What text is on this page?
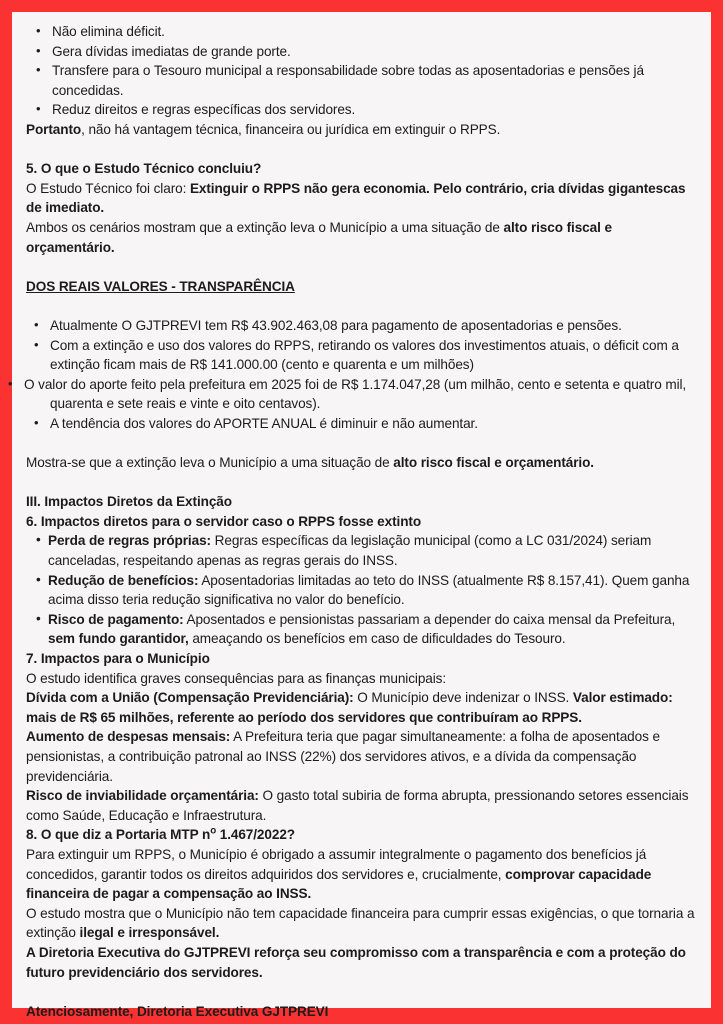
• Não elimina déficit.
• Gera dívidas imediatas de grande porte.
• Transfere para o Tesouro municipal a responsabilidade sobre todas as aposentadorias e pensões já concedidas.
• Reduz direitos e regras específicas dos servidores.

Portanto, não há vantagem técnica, financeira ou jurídica em extinguir o RPPS.

5. O que o Estudo Técnico concluiu?

O Estudo Técnico foi claro: Extinguir o RPPS não gera economia. Pelo contrário, cria dívidas gigantescas de imediato.

Ambos os cenários mostram que a extinção leva o Município a uma situação de alto risco fiscal e orçamentário.

DOS REAIS VALORES - TRANSPARÊNCIA

• Atualmente O GJTPREVI tem R$ 43.902.463,08 para pagamento de aposentadorias e pensões.
• Com a extinção e uso dos valores do RPPS, retirando os valores dos investimentos atuais, o déficit com a extinção ficam mais de R$ 141.000.00 (cento e quarenta e um milhões)
• O valor do aporte feito pela prefeitura em 2025 foi de R$ 1.174.047,28 (um milhão, cento e setenta e quatro mil, quarenta e sete reais e vinte e oito centavos).
• A tendência dos valores do APORTE ANUAL é diminuir e não aumentar.

Mostra-se que a extinção leva o Município a uma situação de alto risco fiscal e orçamentário.

III. Impactos Diretos da Extinção

6. Impactos diretos para o servidor caso o RPPS fosse extinto

• Perda de regras próprias: Regras específicas da legislação municipal (como a LC 031/2024) seriam canceladas, respeitando apenas as regras gerais do INSS.

• Redução de benefícios: Aposentadorias limitadas ao teto do INSS (atualmente R$ 8.157,41). Quem ganha acima disso teria redução significativa no valor do benefício.

• Risco de pagamento: Aposentados e pensionistas passariam a depender do caixa mensal da Prefeitura, sem fundo garantidor, ameaçando os benefícios em caso de dificuldades do Tesouro.

7. Impactos para o Município

O estudo identifica graves consequências para as finanças municipais:

Dívida com a União (Compensação Previdenciária): O Município deve indenizar o INSS. Valor estimado: mais de R$ 65 milhões, referente ao período dos servidores que contribuíram ao RPPS.

Aumento de despesas mensais: A Prefeitura teria que pagar simultaneamente: a folha de aposentados e pensionistas, a contribuição patronal ao INSS (22%) dos servidores ativos, e a dívida da compensação previdenciária.

Risco de inviabilidade orçamentária: O gasto total subiria de forma abrupta, pressionando setores essenciais como Saúde, Educação e Infraestrutura.

8. O que diz a Portaria MTP $n^o$ 1.467/2022?

Para extinguir um RPPS, o Município é obrigado a assumir integralmente o pagamento dos benefícios já concedidos, garantir todos os direitos adquiridos dos servidores e, crucialmente, comprovar capacidade financeira de pagar a compensação ao INSS.

O estudo mostra que o Município não tem capacidade financeira para cumprir essas exigências, o que tornaria a extinção ilegal e irresponsável.

A Diretoria Executiva do GJTPREVI reforça seu compromisso com a transparência e com a proteção do futuro previdenciário dos servidores.

Atenciosamente, Diretoria Executiva GJTPREVI
